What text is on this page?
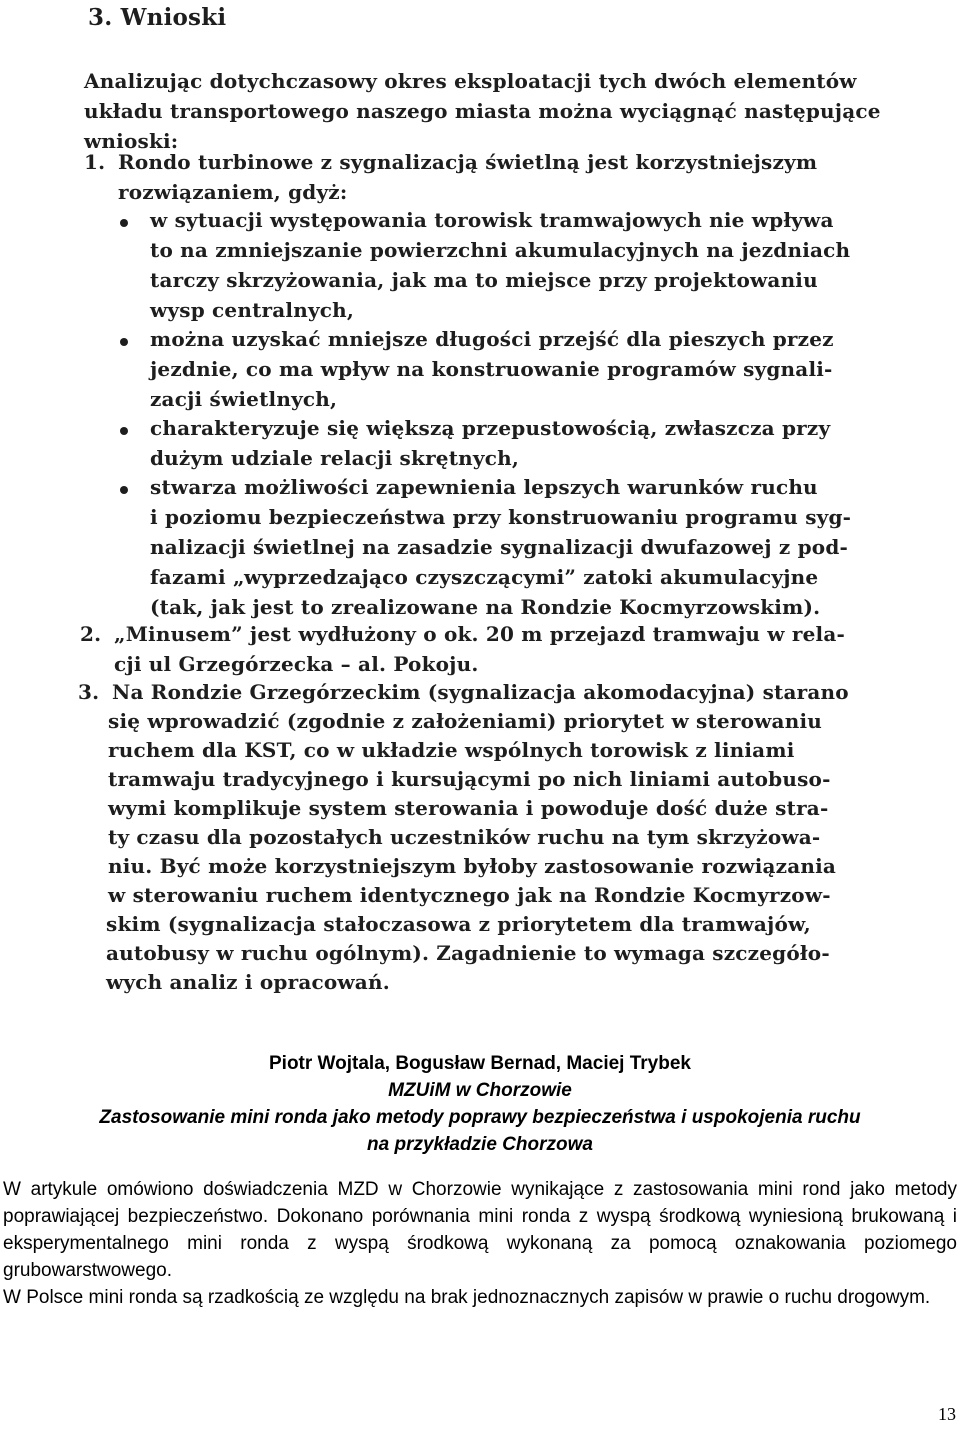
3. Wnioski

Analizując dotychczasowy okres eksploatacji tych dwóch elementów układu transportowego naszego miasta można wyciągnąć następujące wnioski:

1. Rondo turbinowe z sygnalizacją świetlną jest korzystniejszym

rozwiązaniem, gdyż:

w sytuacji występowania torowisk tramwajowych nie wpływa

to na zmniejszanie powierzchni akumulacyjnych na jezdniach

tarczy skrzyżowania, jak ma to miejsce przy projektowaniu

wysp centralnych,

można uzyskać mniejsze długości przejść dla pieszych przez

jezdnie, co ma wpływ na konstruowanie programów sygnali-

zacji świetlnych,

charakteryzuje się większą przepustowością, zwłaszcza przy

dużym udziale relacji skrętnych,

stwarza możliwości zapewnienia lepszych warunków ruchu

i poziomu bezpieczeństwa przy konstruowaniu programu syg-

nalizacji świetlnej na zasadzie sygnalizacji dwufazowej z pod-

fazami „wyprzedzająco czyszczącymi” zatoki akumulacyjne

(tak, jak jest to zrealizowane na Rondzie Kocmyrzowskim).

2. „Minusem” jest wydłużony o ok. 20 m przejazd tramwaju w rela-

cji ul Grzegórzecka – al. Pokoju.

3. Na Rondzie Grzegórzeckim (sygnalizacja akomodacyjna) starano

się wprowadzić (zgodnie z założeniami) priorytet w sterowaniu

ruchem dla KST, co w układzie wspólnych torowisk z liniami

tramwaju tradycyjnego i kursującymi po nich liniami autobuso-

wymi komplikuje system sterowania i powoduje dość duże stra-

ty czasu dla pozostałych uczestników ruchu na tym skrzyżowa-

niu. Być może korzystniejszym byłoby zastosowanie rozwiązania

w sterowaniu ruchem identycznego jak na Rondzie Kocmyrzow-

skim (sygnalizacja stałoczasowa z priorytetem dla tramwajów,

autobusy w ruchu ogólnym). Zagadnienie to wymaga szczegóło-

wych analiz i opracowań.

Piotr Wojtala, Bogusław Bernad, Maciej Trybek

MZUiM w Chorzowie

Zastosowanie mini ronda jako metody poprawy bezpieczeństwa i uspokojenia ruchu

na przykładzie Chorzowa

W artykule omówiono doświadczenia MZD w Chorzowie wynikające z zastosowania mini rond jako metody poprawiającej bezpieczeństwo. Dokonano porównania mini ronda z wyspą środkową wyniesioną brukowaną i eksperymentalnego mini ronda z wyspą środkową wykonaną za pomocą oznakowania poziomego grubowarstwowego.

W Polsce mini ronda są rzadkością ze względu na brak jednoznacznych zapisów w prawie o ruchu drogowym.

13
